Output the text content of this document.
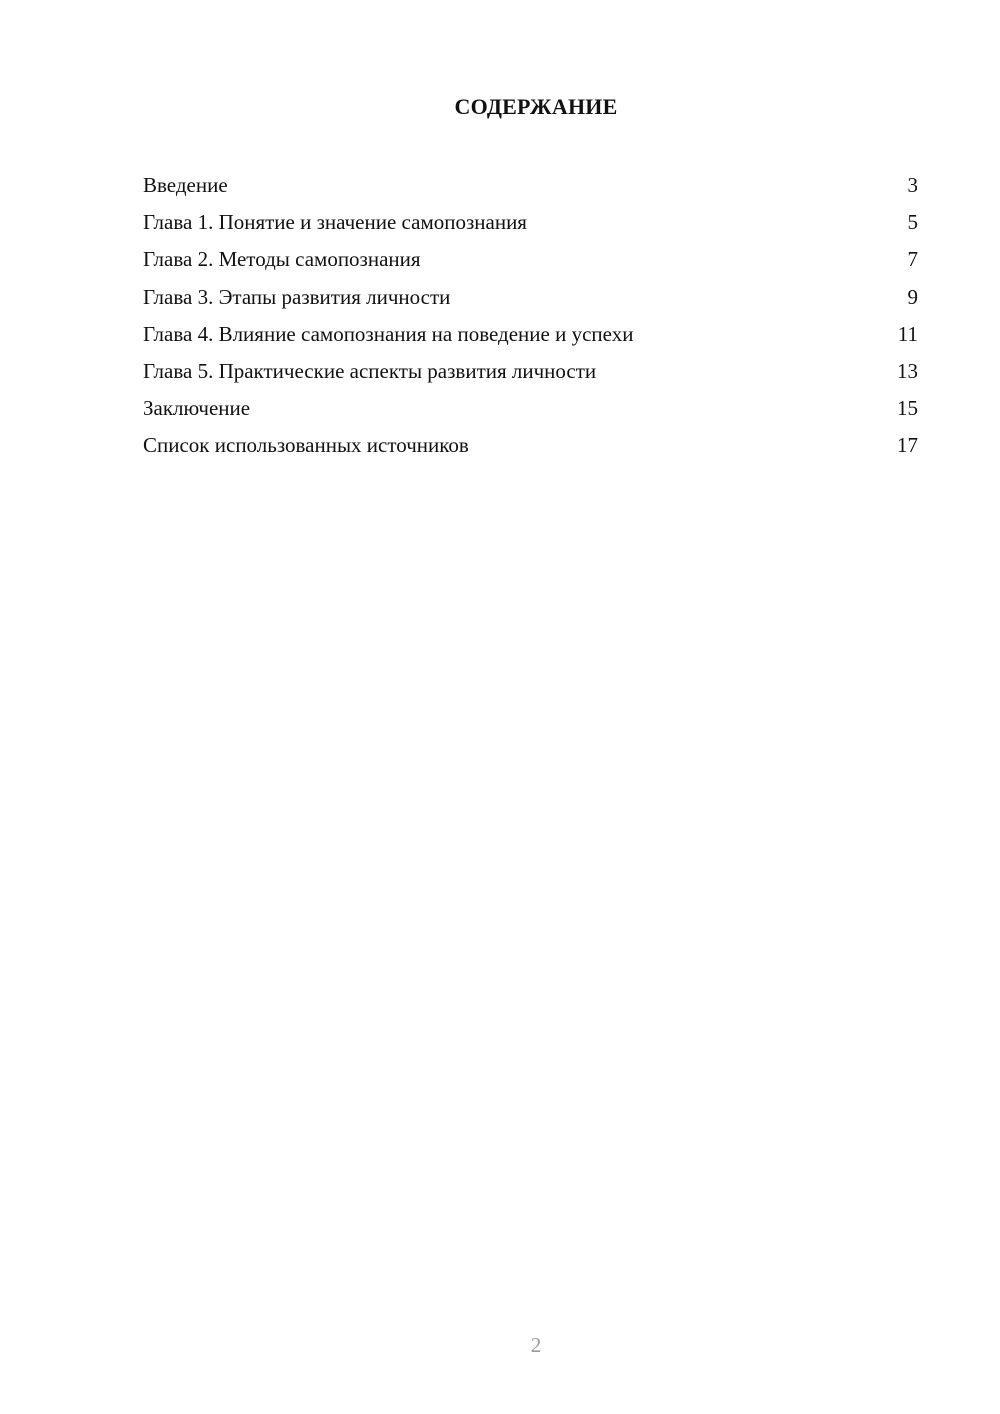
СОДЕРЖАНИЕ
Введение	3
Глава 1. Понятие и значение самопознания	5
Глава 2. Методы самопознания	7
Глава 3. Этапы развития личности	9
Глава 4. Влияние самопознания на поведение и успехи	11
Глава 5. Практические аспекты развития личности	13
Заключение	15
Список использованных источников	17
2
